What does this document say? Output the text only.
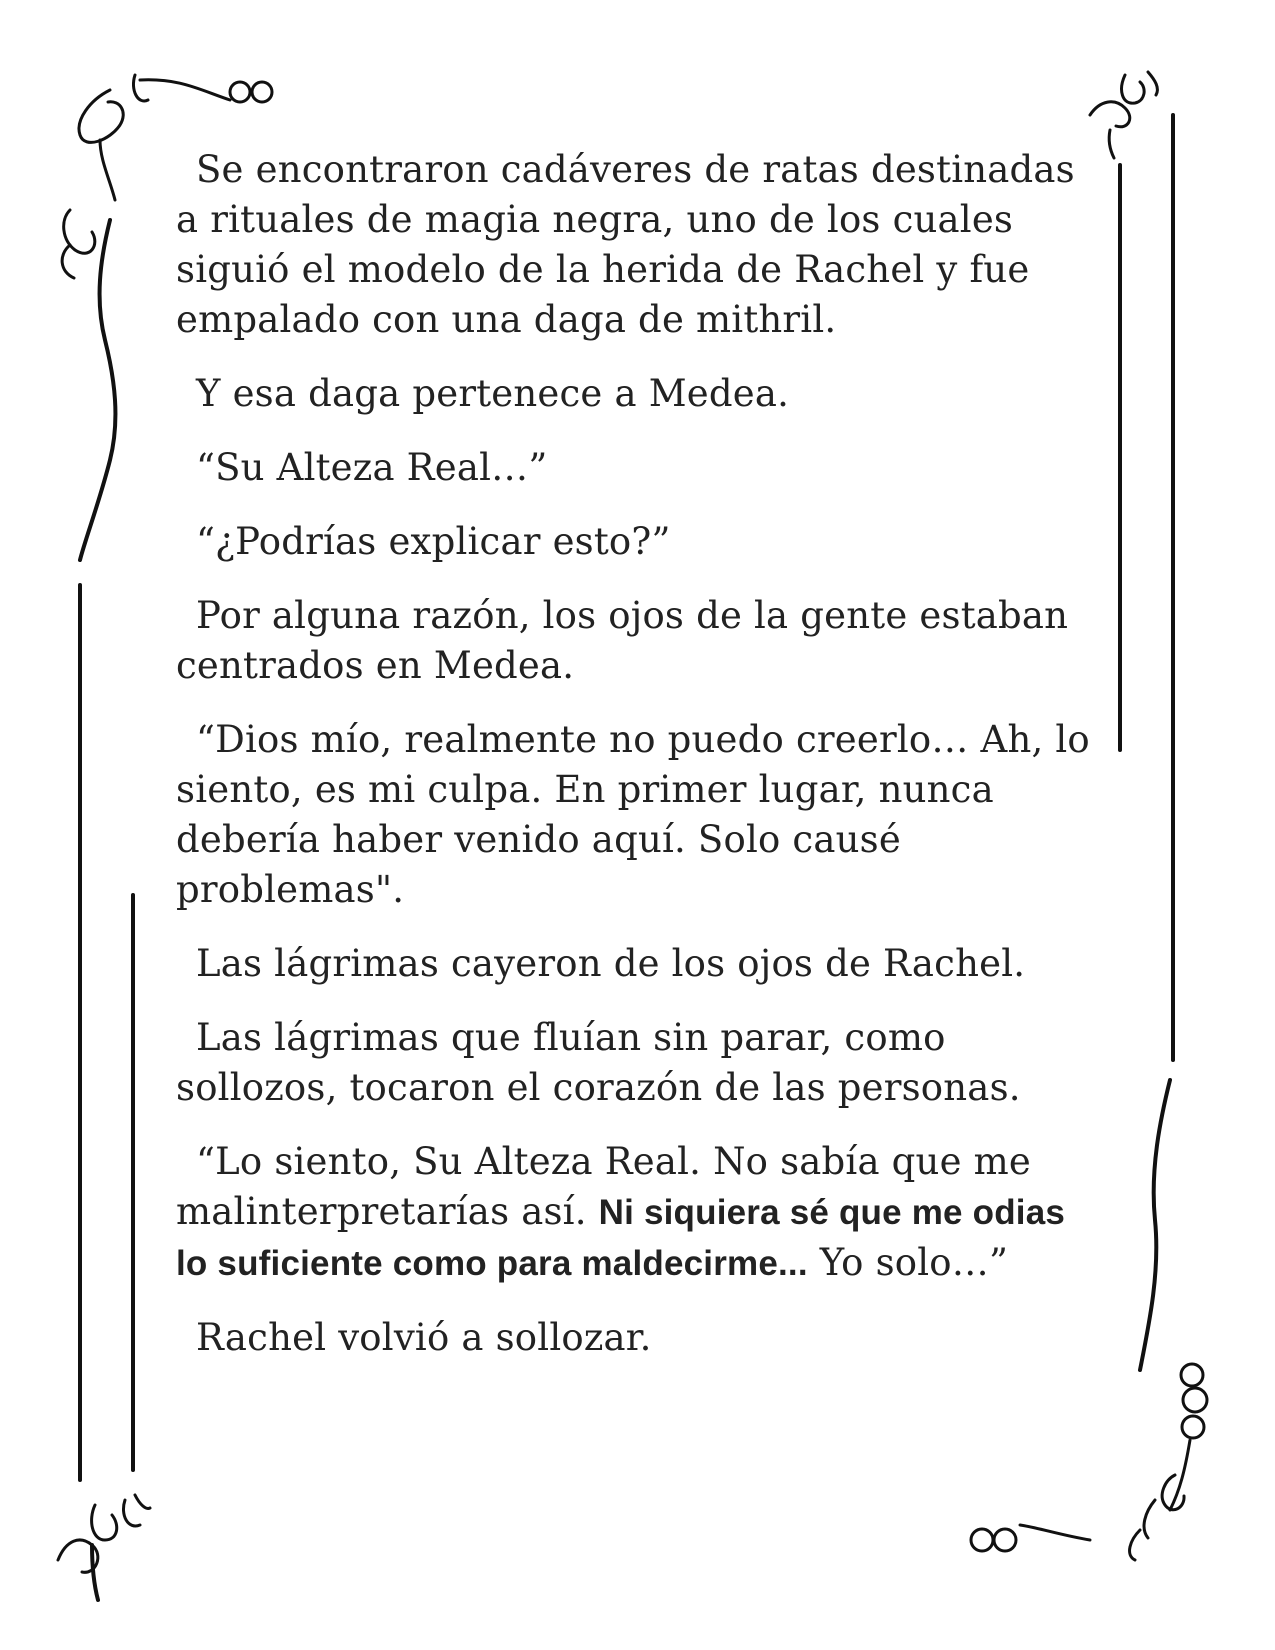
Se encontraron cadáveres de ratas destinadas a rituales de magia negra, uno de los cuales siguió el modelo de la herida de Rachel y fue empalado con una daga de mithril.

Y esa daga pertenece a Medea.

“Su Alteza Real…”

“¿Podrías explicar esto?”

Por alguna razón, los ojos de la gente estaban centrados en Medea.

“Dios mío, realmente no puedo creerlo… Ah, lo siento, es mi culpa. En primer lugar, nunca debería haber venido aquí. Solo causé problemas".

Las lágrimas cayeron de los ojos de Rachel.

Las lágrimas que fluían sin parar, como sollozos, tocaron el corazón de las personas.

“Lo siento, Su Alteza Real. No sabía que me malinterpretarías así. Ni siquiera sé que me odias lo suficiente como para maldecirme... Yo solo…”

Rachel volvió a sollozar.
